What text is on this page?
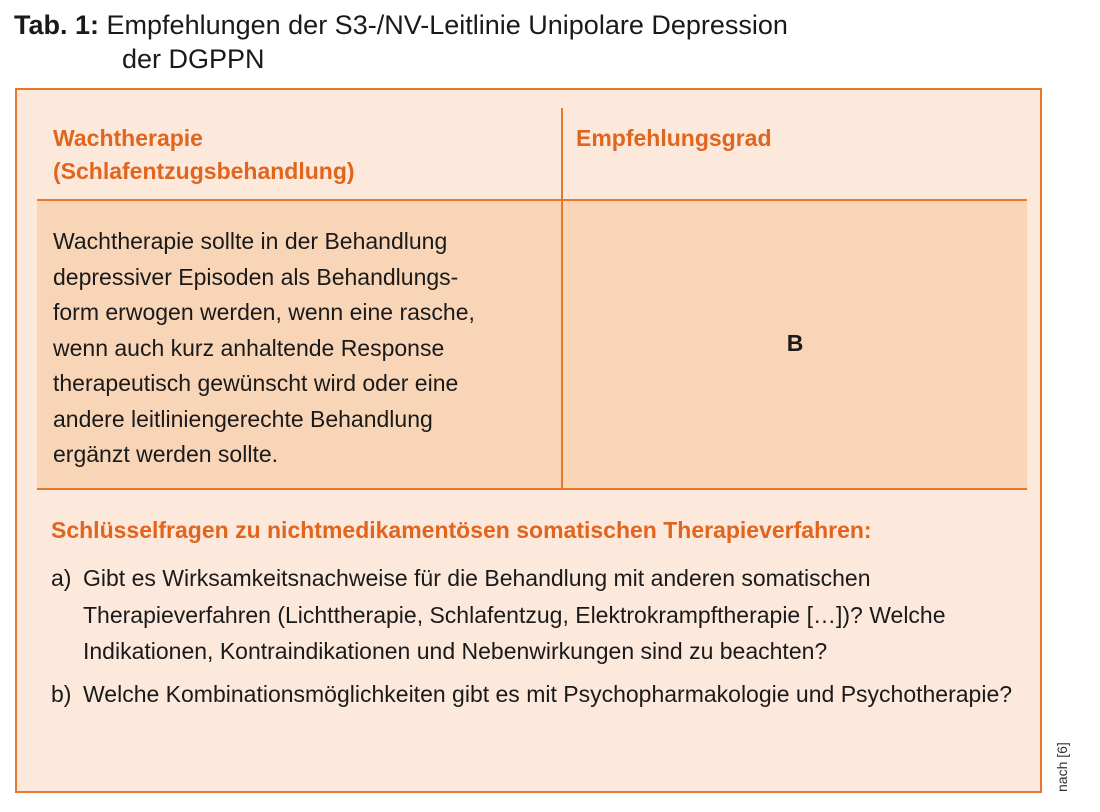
Tab. 1: Empfehlungen der S3-/NV-Leitlinie Unipolare Depression
der DGPPN
Wachtherapie
(Schlafentzugsbehandlung)
Empfehlungsgrad
Wachtherapie sollte in der Behandlung
depressiver Episoden als Behandlungs-
form erwogen werden, wenn eine rasche,
wenn auch kurz anhaltende Response
therapeutisch gewünscht wird oder eine
andere leitliniengerechte Behandlung
ergänzt werden sollte.
B
Schlüsselfragen zu nichtmedikamentösen somatischen Therapieverfahren:
a) Gibt es Wirksamkeitsnachweise für die Behandlung mit anderen somatischen Therapieverfahren (Lichttherapie, Schlafentzug, Elektrokrampftherapie […])? Welche Indikationen, Kontraindikationen und Nebenwirkungen sind zu beachten?
b) Welche Kombinationsmöglichkeiten gibt es mit Psychopharmakologie und Psychotherapie?
nach [6]
